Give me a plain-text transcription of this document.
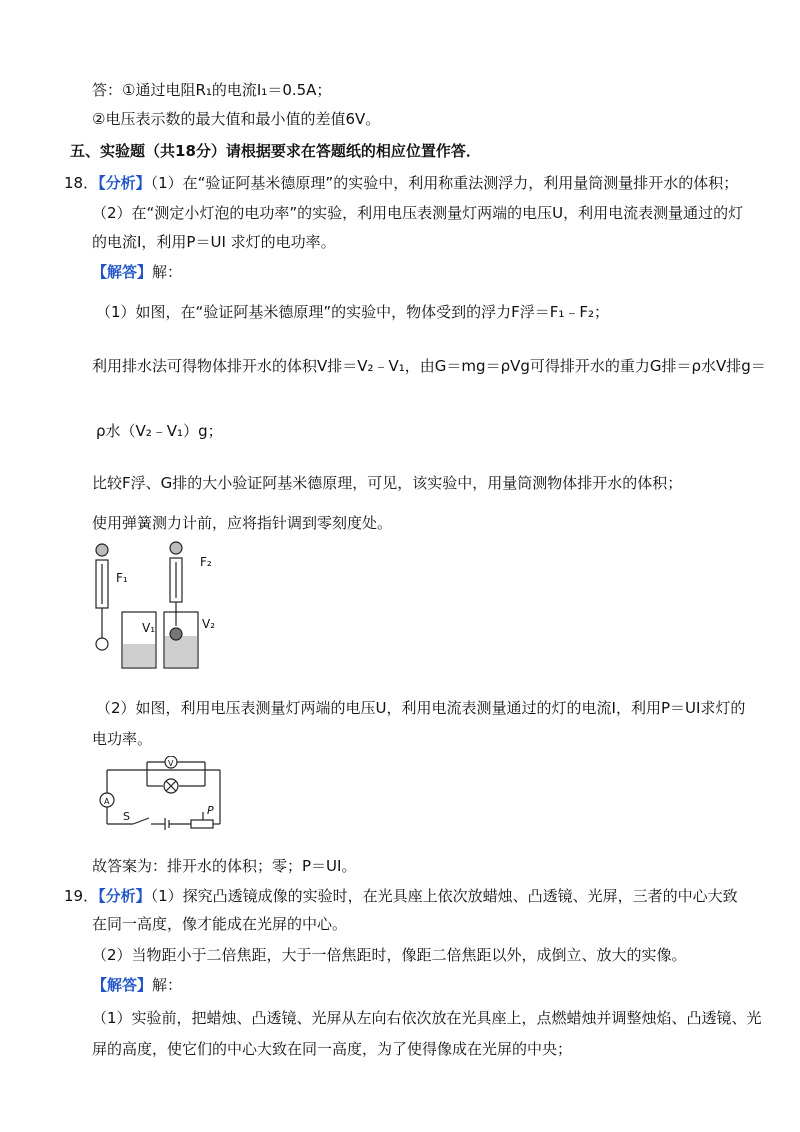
答：①通过电阻R₁的电流I₁＝0.5A；
②电压表示数的最大值和最小值的差值6V。
五、实验题（共18分）请根据要求在答题纸的相应位置作答．
18．【分析】（1）在“验证阿基米德原理”的实验中，利用称重法测浮力，利用量筒测量排开水的体积；
（2）在“测定小灯泡的电功率”的实验，利用电压表测量灯两端的电压U，利用电流表测量通过的灯
的电流I，利用P＝UI 求灯的电功率。
【解答】解：
（1）如图，在“验证阿基米德原理”的实验中，物体受到的浮力F浮＝F₁﹣F₂；
利用排水法可得物体排开水的体积V排＝V₂﹣V₁，由G＝mg＝ρVg可得排开水的重力G排＝ρ水V排g＝
ρ水（V₂﹣V₁）g；
比较F浮、G排的大小验证阿基米德原理，可见，该实验中，用量筒测物体排开水的体积；
使用弹簧测力计前，应将指针调到零刻度处。
F₁
F₂
V₁	V₂
（2）如图，利用电压表测量灯两端的电压U，利用电流表测量通过的灯的电流I，利用P＝UI求灯的
电功率。
V
A
S	P
故答案为：排开水的体积；零；P＝UI。
19．【分析】（1）探究凸透镜成像的实验时，在光具座上依次放蜡烛、凸透镜、光屏，三者的中心大致
在同一高度，像才能成在光屏的中心。
（2）当物距小于二倍焦距，大于一倍焦距时，像距二倍焦距以外，成倒立、放大的实像。
【解答】解：
（1）实验前，把蜡烛、凸透镜、光屏从左向右依次放在光具座上，点燃蜡烛并调整烛焰、凸透镜、光
屏的高度，使它们的中心大致在同一高度，为了使得像成在光屏的中央；
